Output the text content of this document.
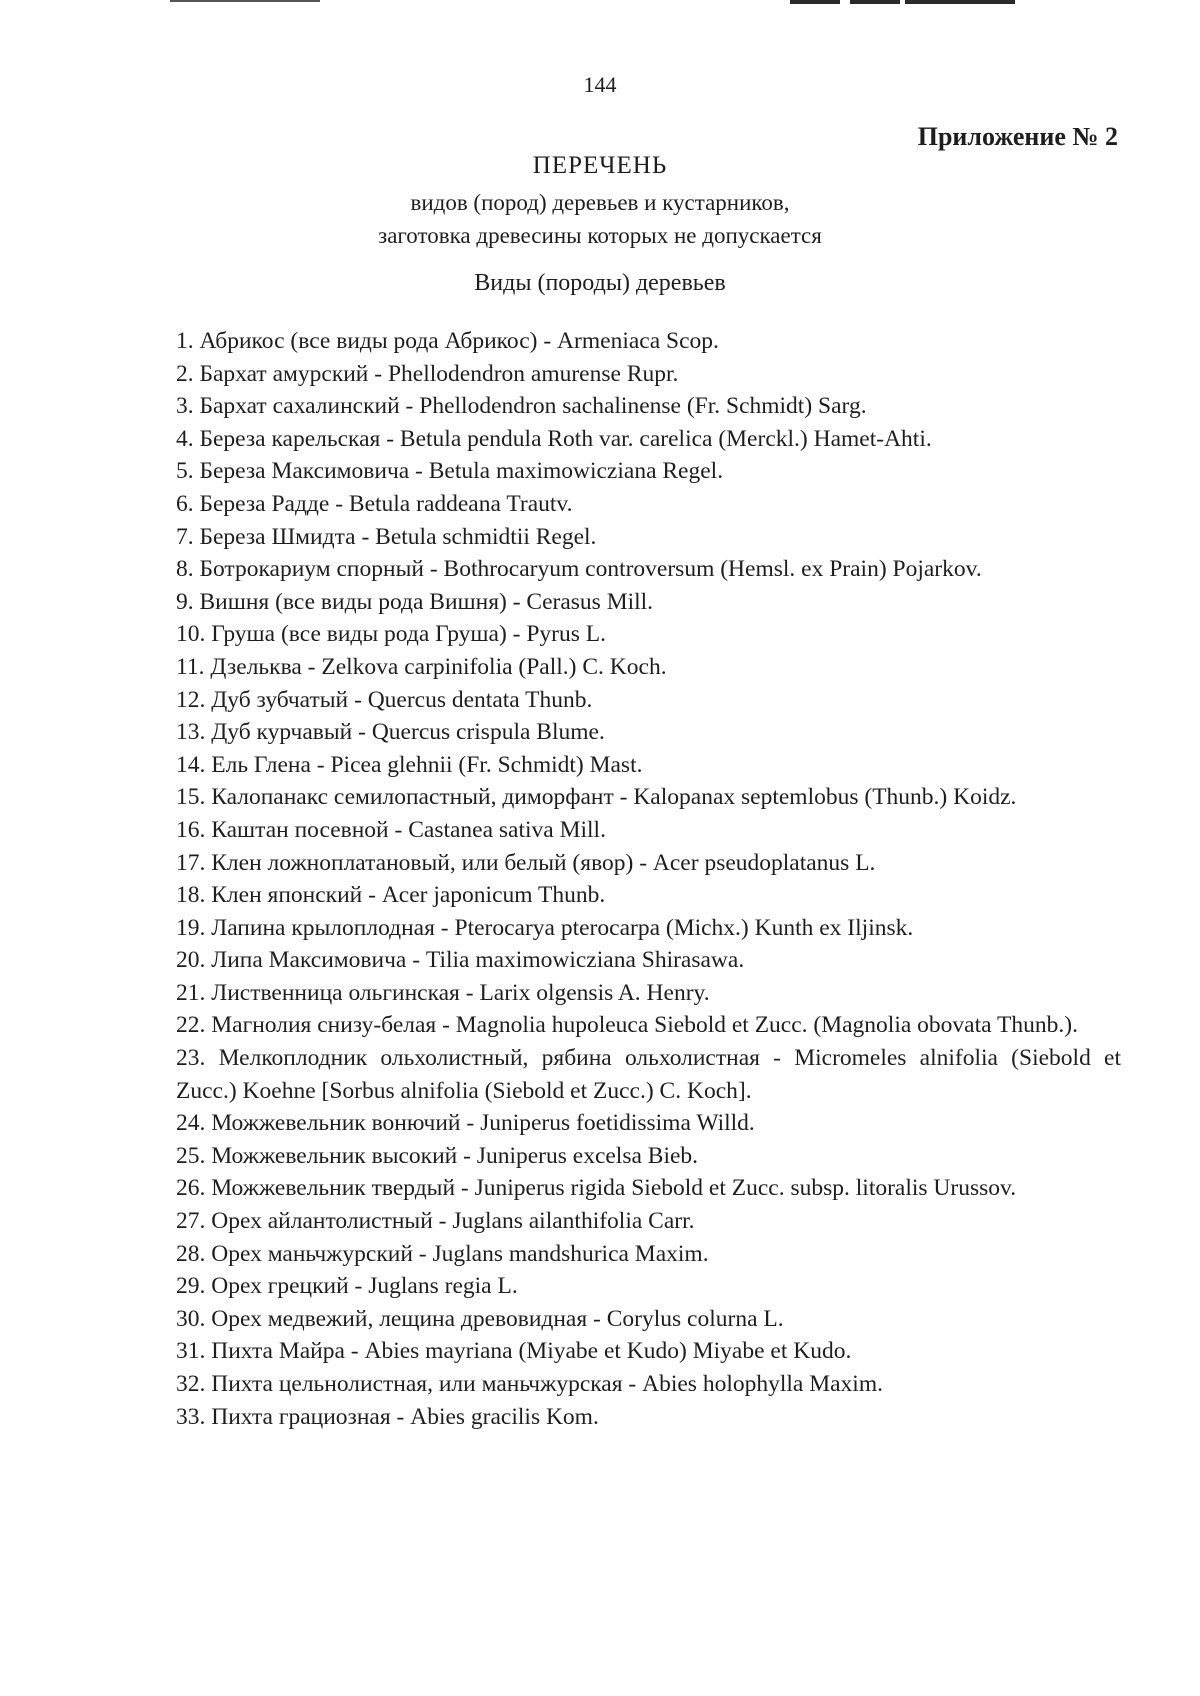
144
Приложение № 2
ПЕРЕЧЕНЬ
видов (пород) деревьев и кустарников,
заготовка древесины которых не допускается
Виды (породы) деревьев
1. Абрикос (все виды рода Абрикос) - Armeniaca Scop.
2. Бархат амурский - Phellodendron amurense Rupr.
3. Бархат сахалинский - Phellodendron sachalinense (Fr. Schmidt) Sarg.
4. Береза карельская - Betula pendula Roth var. carelica (Merckl.) Hamet-Ahti.
5. Береза Максимовича - Betula maximowicziana Regel.
6. Береза Радде - Betula raddeana Trautv.
7. Береза Шмидта - Betula schmidtii Regel.
8. Ботрокариум спорный - Bothrocaryum controversum (Hemsl. ex Prain) Pojarkov.
9. Вишня (все виды рода Вишня) - Cerasus Mill.
10. Груша (все виды рода Груша) - Pyrus L.
11. Дзельква - Zelkova carpinifolia (Pall.) C. Koch.
12. Дуб зубчатый - Quercus dentata Thunb.
13. Дуб курчавый - Quercus crispula Blume.
14. Ель Глена - Picea glehnii (Fr. Schmidt) Mast.
15. Калопанакс семилопастный, диморфант - Kalopanax septemlobus (Thunb.) Koidz.
16. Каштан посевной - Castanea sativa Mill.
17. Клен ложноплатановый, или белый (явор) - Acer pseudoplatanus L.
18. Клен японский - Acer japonicum Thunb.
19. Лапина крылоплодная - Pterocarya pterocarpa (Michx.) Kunth ex Iljinsk.
20. Липа Максимовича - Tilia maximowicziana Shirasawa.
21. Лиственница ольгинская - Larix olgensis A. Henry.
22. Магнолия снизу-белая - Magnolia hupoleuca Siebold et Zucc. (Magnolia obovata Thunb.).
23. Мелкоплодник ольхолистный, рябина ольхолистная - Micromeles alnifolia (Siebold et Zucc.) Koehne [Sorbus alnifolia (Siebold et Zucc.) C. Koch].
24. Можжевельник вонючий - Juniperus foetidissima Willd.
25. Можжевельник высокий - Juniperus excelsa Bieb.
26. Можжевельник твердый - Juniperus rigida Siebold et Zucc. subsp. litoralis Urussov.
27. Орех айлантолистный - Juglans ailanthifolia Carr.
28. Орех маньчжурский - Juglans mandshurica Maxim.
29. Орех грецкий - Juglans regia L.
30. Орех медвежий, лещина древовидная - Corylus colurna L.
31. Пихта Майра - Abies mayriana (Miyabe et Kudo) Miyabe et Kudo.
32. Пихта цельнолистная, или маньчжурская - Abies holophylla Maxim.
33. Пихта грациозная - Abies gracilis Kom.
